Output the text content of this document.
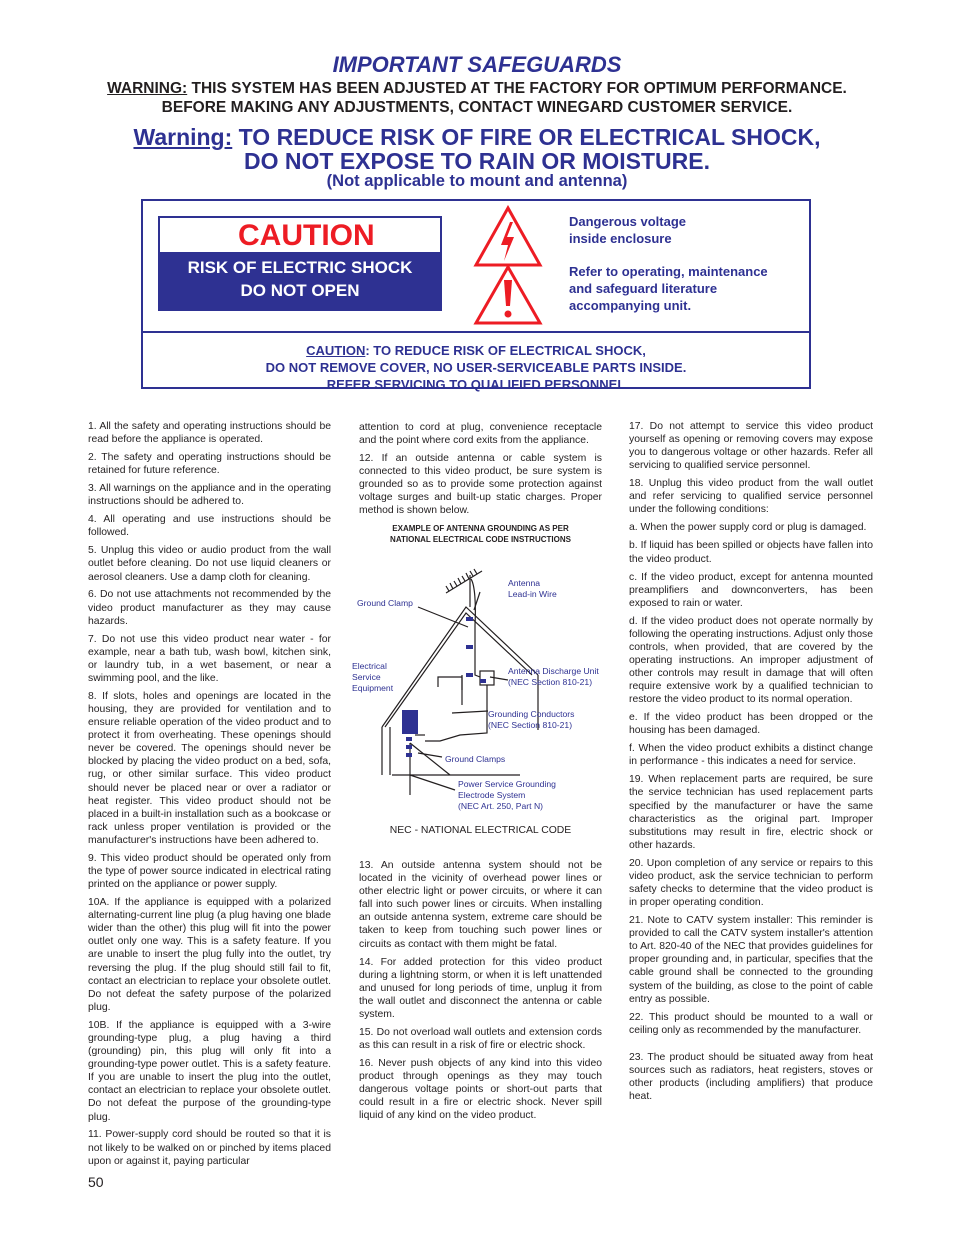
IMPORTANT SAFEGUARDS
WARNING: THIS SYSTEM HAS BEEN ADJUSTED AT THE FACTORY FOR OPTIMUM PERFORMANCE.
BEFORE MAKING ANY ADJUSTMENTS, CONTACT WINEGARD CUSTOMER SERVICE.
Warning: TO REDUCE RISK OF FIRE OR ELECTRICAL SHOCK,
DO NOT EXPOSE TO RAIN OR MOISTURE.
(Not applicable to mount and antenna)
CAUTION
RISK OF ELECTRIC SHOCK
DO NOT OPEN
Dangerous voltage
inside enclosure
Refer to operating, maintenance
and safeguard literature
accompanying unit.
CAUTION: TO REDUCE RISK OF ELECTRICAL SHOCK,
DO NOT REMOVE COVER, NO USER-SERVICEABLE PARTS INSIDE.
REFER SERVICING TO QUALIFIED PERSONNEL

1. All the safety and operating instructions should be read before the appliance is operated.

2. The safety and operating instructions should be retained for future reference.

3. All warnings on the appliance and in the operating instructions should be adhered to.

4. All operating and use instructions should be followed.

5. Unplug this video or audio product from the wall outlet before cleaning. Do not use liquid cleaners or aerosol cleaners. Use a damp cloth for cleaning.

6. Do not use attachments not recommended by the video product manufacturer as they may cause hazards.

7. Do not use this video product near water - for example, near a bath tub, wash bowl, kitchen sink, or laundry tub, in a wet basement, or near a swimming pool, and the like.

8. If slots, holes and openings are located in the housing, they are provided for ventilation and to ensure reliable operation of the video product and to protect it from overheating. These openings should never be covered. The openings should never be blocked by placing the video product on a bed, sofa, rug, or other similar surface. This video product should never be placed near or over a radiator or heat register. This video product should not be placed in a built-in installation such as a bookcase or rack unless proper ventilation is provided or the manufacturer's instructions have been adhered to.

9. This video product should be operated only from the type of power source indicated in electrical rating printed on the appliance or power supply.

10A. If the appliance is equipped with a polarized alternating-current line plug (a plug having one blade wider than the other) this plug will fit into the power outlet only one way. This is a safety feature. If you are unable to insert the plug fully into the outlet, try reversing the plug. If the plug should still fail to fit, contact an electrician to replace your obsolete outlet. Do not defeat the safety purpose of the polarized plug.

10B. If the appliance is equipped with a 3-wire grounding-type plug, a plug having a third (grounding) pin, this plug will only fit into a grounding-type power outlet. This is a safety feature. If you are unable to insert the plug into the outlet, contact an electrician to replace your obsolete outlet. Do not defeat the purpose of the grounding-type plug.

11. Power-supply cord should be routed so that it is not likely to be walked on or pinched by items placed upon or against it, paying particular

attention to cord at plug, convenience receptacle and the point where cord exits from the appliance.

12. If an outside antenna or cable system is connected to this video product, be sure system is grounded so as to provide some protection against voltage surges and built-up static charges. Proper method is shown below.

EXAMPLE OF ANTENNA GROUNDING AS PER
NATIONAL ELECTRICAL CODE INSTRUCTIONS
Antenna
Lead-in Wire
Ground Clamp
Electrical
Service
Equipment
Antenna Discharge Unit
(NEC Section 810-21)
Grounding Conductors
(NEC Section 810-21)
Ground Clamps
Power Service Grounding
Electrode System
(NEC Art. 250, Part N)
NEC - NATIONAL ELECTRICAL CODE

13. An outside antenna system should not be located in the vicinity of overhead power lines or other electric light or power circuits, or where it can fall into such power lines or circuits. When installing an outside antenna system, extreme care should be taken to keep from touching such power lines or circuits as contact with them might be fatal.

14. For added protection for this video product during a lightning storm, or when it is left unattended and unused for long periods of time, unplug it from the wall outlet and disconnect the antenna or cable system.

15. Do not overload wall outlets and extension cords as this can result in a risk of fire or electric shock.

16. Never push objects of any kind into this video product through openings as they may touch dangerous voltage points or short-out parts that could result in a fire or electric shock. Never spill liquid of any kind on the video product.

17. Do not attempt to service this video product yourself as opening or removing covers may expose you to dangerous voltage or other hazards. Refer all servicing to qualified service personnel.

18. Unplug this video product from the wall outlet and refer servicing to qualified service personnel under the following conditions:

a. When the power supply cord or plug is damaged.

b. If liquid has been spilled or objects have fallen into the video product.

c. If the video product, except for antenna mounted preamplifiers and downconverters, has been exposed to rain or water.

d. If the video product does not operate normally by following the operating instructions. Adjust only those controls, when provided, that are covered by the operating instructions. An improper adjustment of other controls may result in damage that will often require extensive work by a qualified technician to restore the video product to its normal operation.

e. If the video product has been dropped or the housing has been damaged.

f. When the video product exhibits a distinct change in performance - this indicates a need for service.

19. When replacement parts are required, be sure the service technician has used replacement parts specified by the manufacturer or have the same characteristics as the original part. Improper substitutions may result in fire, electric shock or other hazards.

20. Upon completion of any service or repairs to this video product, ask the service technician to perform safety checks to determine that the video product is in proper operating condition.

21. Note to CATV system installer: This reminder is provided to call the CATV system installer's attention to Art. 820-40 of the NEC that provides guidelines for proper grounding and, in particular, specifies that the cable ground shall be connected to the grounding system of the building, as close to the point of cable entry as possible.

22. This product should be mounted to a wall or ceiling only as recommended by the manufacturer.

23. The product should be situated away from heat sources such as radiators, heat registers, stoves or other products (including amplifiers) that produce heat.

50
